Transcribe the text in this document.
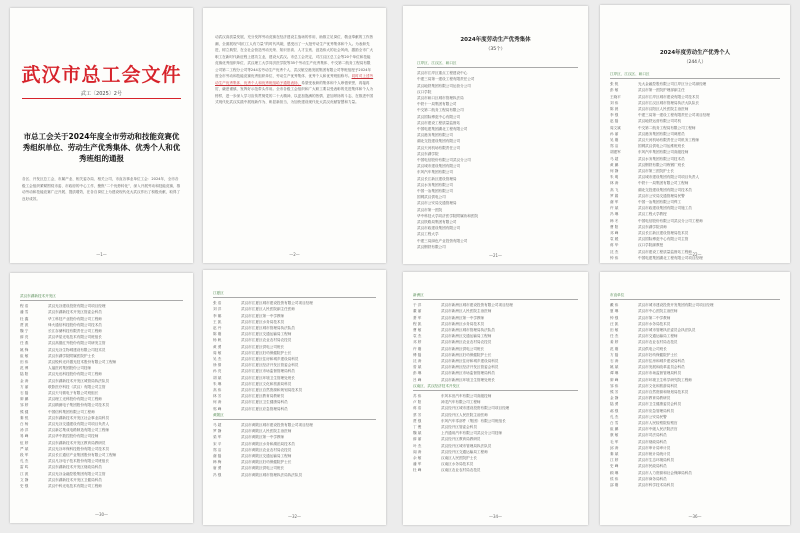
武汉市总工会文件
武工〔2025〕2号
市总工会关于2024年度全市劳动和技能竞赛优秀组织单位、劳动生产优秀集体、优秀个人和优秀班组的通报
各区、开发区总工会，市属产业、相关委办局、相关公司，市直各事业单位工会：2024年，全市各级工会组织紧紧围绕市委、市政府的中心工作，聚焦“二个优势转化”，深入开展劳动和技能竞赛，推动劳动和技能竞赛广泛开展、提质增效，在各自岗位上为建设现代化大武汉作出了积极贡献，取得了良好成效。
—1—
动武汉高质量发展，充分发挥劳动竞赛在经济建设主战场的作用，助推立足岗位、敬业奉献的工作热潮，全面展现“咱们工人有力量”的时代风貌，感受出了一大批劳动生产优秀集体和个人。为表彰先进，树立典型，在全社会营造劳动光荣、知识崇高、人才宝贵、创造伟大的社会风尚，激励全市广大职工在新时代新征程上建功立业，建设大武汉。市总工会决定，对江汉区总工会等20个单位和技能竞赛优秀组织单位、武汉理工大学同济医学院等35个劳动生产优秀集体、中交第二航务工程局有限公司第二工程分公司等244名劳动生产优秀个人、武汉航空港发展集团有限公司等班组授予2024年度全市劳动和技能竞赛优秀组织单位、劳动生产优秀集体、优秀个人和优秀班组称号。同时对上述劳动生产优秀集体、优秀个人和优秀班组给予通报表扬，希望受表彰的集体和个人珍惜荣誉，再接再厉，谦虚谨慎，发挥好示范带头作用。全市各级工会组织和广大职工要以受表彰的先进集体和个人为榜样，进一步深入学习宣传贯彻党的二十大精神，以更加饱满的热情、更加昂扬的斗志，在推进中国式现代化武汉实践中展现新作为、彰显新担当，为加快建设现代化大武汉贡献智慧和力量。
—2—
2024年度劳动生产优秀集体
（35个）
江岸区、江汉区、硚口区
武汉市江岸区重点工程建设中心
中建三局第一建设工程有限责任公司
武汉地铁集团有限公司运营分公司
汉口学院
武汉市硚口区城市管理执法局
中铁十一局集团有限公司
中交第二航务工程局有限公司
武汉国际博览中心有限公司
武汉市建设工程质量监督站
中国电建集团湖北工程有限公司
武汉港务集团有限公司
湖北交投建设集团有限公司
武汉天河机场有限责任公司
武汉东湖学院
中国电信股份有限公司武汉分公司
武汉城市建设集团有限公司
东风汽车集团有限公司
武汉长江新区建设管理局
武汉水务集团有限公司
中国一冶集团有限公司
国网武汉供电公司
武汉市公安局交通管理局
武汉市第一医院
华中科技大学同济医学院附属协和医院
武汉铁路局集团有限公司
武汉市政建设集团有限公司
武汉工程大学
中建三局绿色产业投资有限公司
武汉钢铁有限公司
—21—
2024年度劳动生产优秀个人
（244人）
江岸区、江汉区、硚口区
张 锐	光大金融控股有限公司江岸区分公司副经理
彭 敏	武汉市第一医院护理部副主任
王晓平	武汉市江岸区城市建设有限公司技术员
刘 伟	武汉市江汉区城市管理局执法大队队长
陈 晨	武汉市汉阳区人民医院主治医师
李 强	中建三局第一建设工程有限责任公司项目经理
赵 磊	武汉地铁运营有限公司司机
周文斌	中交第二航务工程局有限公司工程师
孙 丽	武汉港务集团有限公司调度员
吴 刚	武汉天河机场有限责任公司机务工程师
郑 洁	国网武汉供电公司运维班班长
胡建军	东风汽车集团有限公司高级技师
马 超	武汉水务集团有限公司技术员
黄 鹏	武汉钢铁有限公司炼钢厂班长
何 静	武汉市第三医院护士长
朱 明	武汉城市建设集团有限公司项目负责人
林 涛	中铁十一局集团有限公司工程师
高 飞	湖北交投建设集团有限公司技术员
罗 娟	武汉市公安局交通管理局民警
谢 军	中国一冶集团有限公司焊工
许 斌	武汉市政建设集团有限公司施工员
冯 琳	武汉工程大学教授
韩 冬	中国电信股份有限公司武汉分公司工程师
曹 阳	武汉东湖学院讲师
邓 峰	武汉长江新区建设管理局技术员
袁 媛	武汉国际博览中心有限公司主管
蒋 华	汉口学院副教授
沈 杰	武汉市建设工程质量监督站工程师
钟 伟	中国电建集团湖北工程有限公司项目经理
—22—
武汉东湖新技术开发区
程 浩	武汉光谷建设投资有限公司项目经理
潘 雪	武汉东湖新技术开发区管委会科员
杜 鑫	华工科技产业股份有限公司工程师
贾 波	烽火通信科技股份有限公司技术员
魏 宁	长江存储科技有限责任公司工程师
薛 亮	武汉华星光电技术有限公司班组长
任 燕	武汉高德红外股份有限公司研发主管
姚 锋	武汉光谷生物城建设有限公司技术员
崔 敏	武汉东湖学院附属医院护士长
田 伟	武汉锐科光纤激光技术股份有限公司工程师
范 博	人福医药集团股份公司技师
陆 阳	武汉光迅科技股份有限公司工程师
金 涛	武汉东湖新技术开发区城管局执法队员
方 丽	联影医疗科技（武汉）有限公司主管
石 磊	武汉天马微电子有限公司班组长
廖 鹏	武汉理工光科股份有限公司工程师
邹 婷	武汉精测电子集团股份有限公司技术员
熊 健	中国信科集团有限公司工程师
秦 悦	武汉东湖新技术开发区社会事业局科员
白 杨	武汉光谷交通建设有限公司项目负责人
汤 洋	武汉新芯集成电路制造有限公司工程师
易 峰	武汉华中数控股份有限公司技师
伍 婷	武汉东湖新技术开发区教育局教研员
严 斌	武汉光谷环保科技股份有限公司技术员
段 军	武汉长江通信产业集团股份有限公司工程师
孔 杰	武汉凡谷电子技术股份有限公司班组长
雷 鸣	武汉东湖新技术开发区财政局科员
江 波	武汉光谷金融控股集团有限公司主管
文 静	武汉东湖新技术开发区卫健局科员
史 强	武汉中科光电技术有限公司工程师
—30—
江夏区
张 浩	武汉市江夏区城市建设投资有限公司项目经理
刘 洋	武汉市江夏区人民医院副主任医师
李 娜	武汉市江夏区第一中学教师
王 凯	武汉市江夏区水务局技术员
赵 丹	武汉市江夏区城市管理局执法队员
陈 刚	武汉市江夏区交通运输局工程师
杨 帆	武汉市江夏区农业农村局农技员
黄 勇	武汉市江夏区供电公司班长
周 敏	武汉市江夏区妇幼保健院护士长
吴 杰	武汉市江夏区住房和城乡建设局科员
徐 倩	武汉市江夏区经济开发区管委会科员
孙 亮	武汉市江夏区市场监督管理局科员
胡 斌	武汉市江夏区环境卫生管理处班长
朱 琳	武汉市江夏区文化和旅游局科员
高 伟	武汉市江夏区自然资源和规划局技术员
林 芳	武汉市江夏区教育局教研员
何 涛	武汉市江夏区卫生健康局科员
郭 峰	武汉市江夏区应急管理局科员
黄陂区
马 超	武汉市黄陂区城市建设投资有限公司项目经理
罗 静	武汉市黄陂区人民医院主治医师
梁 军	武汉市黄陂区第一中学教师
宋 平	武汉市黄陂区水务和湖泊局技术员
郑 洁	武汉市黄陂区农业农村局农技员
谢 磊	武汉市黄陂区交通运输局工程师
韩 梅	武汉市黄陂区妇幼保健院护士长
唐 勇	武汉市黄陂区供电公司班长
冯 强	武汉市黄陂区城市管理执法局执法队员
—32—
新洲区
于 洋	武汉市新洲区城市建设投资有限公司项目经理
董 丽	武汉市新洲区人民医院主治医师
萧 军	武汉市新洲区第一中学教师
程 凯	武汉市新洲区水务局技术员
曹 敏	武汉市新洲区城市管理局执法队员
袁 杰	武汉市新洲区交通运输局工程师
邓 婷	武汉市新洲区农业农村局农技员
许 刚	武汉市新洲区供电公司班长
傅 磊	武汉市新洲区妇幼保健院护士长
沈 涛	武汉市新洲区住房和城乡建设局科员
曾 斌	武汉市新洲区经济开发区管委会科员
彭 琳	武汉市新洲区市场监督管理局科员
吕 峰	武汉市新洲区环境卫生管理处班长
汉南区、武汉经济技术开发区
苏 伟	东风本田汽车有限公司高级技师
卢 阳	神龙汽车有限公司工程师
蒋 浩	武汉经开区城市建设投资有限公司项目经理
蔡 芳	武汉经开区人民医院主治医师
贾 强	东风汽车零部件（集团）有限公司班组长
丁 俊	武汉经开区管委会科员
魏 斌	上汽通用汽车有限公司武汉分公司技师
薛 丽	武汉经开区教育局教研员
叶 杰	武汉经开区城市管理局执法队员
阎 涛	武汉经开区交通运输局工程师
余 敏	汉南区人民医院护士长
潘 军	汉南区水务局技术员
杜 峰	汉南区农业农村局农技员
—34—
市直单位
戴 伟	武汉市城市建设投资开发集团有限公司项目经理
夏 琳	武汉市中心医院主治医师
钟 强	武汉市第二中学教师
汪 凯	武汉市水务局技术员
田 敏	武汉市城市管理执法委员会执法队员
任 杰	武汉市交通运输局工程师
姜 婷	武汉市农业农村局农技员
范 刚	武汉供电公司班长
方 磊	武汉市妇幼保健院护士长
石 涛	武汉市住房和城乡建设局科员
姚 斌	武汉市发展和改革委员会科员
谭 琳	武汉市市场监督管理局科员
廖 峰	武汉市环境卫生科学研究院工程师
邹 伟	武汉市文化和旅游局科员
熊 芳	武汉市自然资源和规划局技术员
金 静	武汉市教育局教研员
陆 勇	武汉市卫生健康委员会科员
郝 强	武汉市应急管理局科员
孔 杰	武汉市公安局民警
白 雪	武汉市人民检察院检察官
崔 鹏	武汉市中级人民法院法官
康 敏	武汉市司法局科员
毛 军	武汉市财政局科员
邱 涛	武汉市审计局审计员
秦 斌	武汉市统计局统计员
江 婷	武汉市生态环境局科员
史 峰	武汉市民政局科员
顾 琳	武汉市人力资源和社会保障局科员
侯 伟	武汉市商务局科员
邵 刚	武汉市科学技术局科员
—36—
